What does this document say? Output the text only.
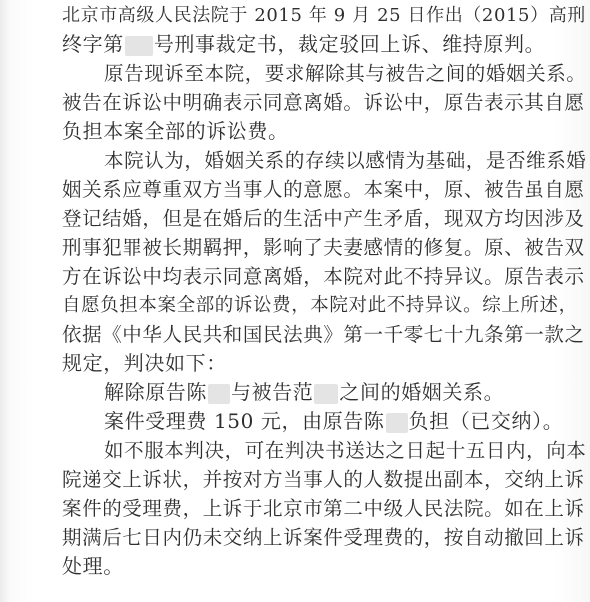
北京市高级人民法院于 2015 年 9 月 25 日作出（2015）高刑

终字第 号刑事裁定书，裁定驳回上诉、维持原判。

原告现诉至本院，要求解除其与被告之间的婚姻关系。

被告在诉讼中明确表示同意离婚。诉讼中，原告表示其自愿

负担本案全部的诉讼费。

本院认为，婚姻关系的存续以感情为基础，是否维系婚

姻关系应尊重双方当事人的意愿。本案中，原、被告虽自愿

登记结婚，但是在婚后的生活中产生矛盾，现双方均因涉及

刑事犯罪被长期羁押，影响了夫妻感情的修复。原、被告双

方在诉讼中均表示同意离婚，本院对此不持异议。原告表示

自愿负担本案全部的诉讼费，本院对此不持异议。综上所述，

依据《中华人民共和国民法典》第一千零七十九条第一款之

规定，判决如下：

解除原告陈 与被告范 之间的婚姻关系。

案件受理费 150 元，由原告陈 负担（已交纳）。

如不服本判决，可在判决书送达之日起十五日内，向本

院递交上诉状，并按对方当事人的人数提出副本，交纳上诉

案件的受理费，上诉于北京市第二中级人民法院。如在上诉

期满后七日内仍未交纳上诉案件受理费的，按自动撤回上诉

处理。
